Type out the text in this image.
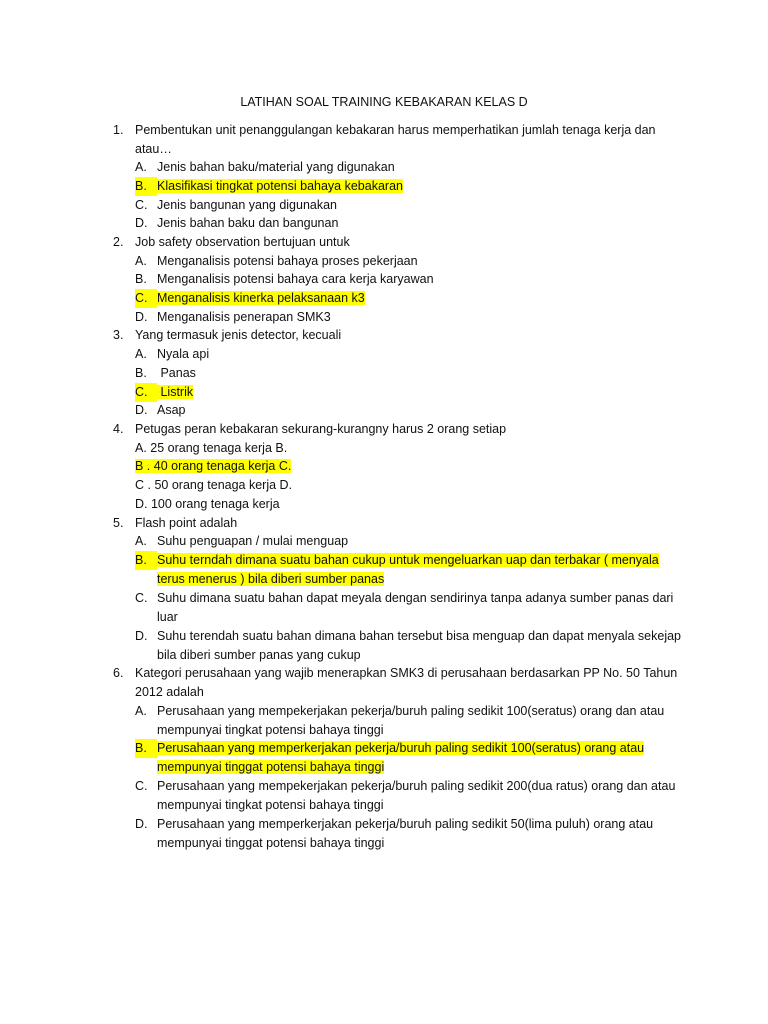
LATIHAN SOAL TRAINING KEBAKARAN KELAS D
1. Pembentukan unit penanggulangan kebakaran harus memperhatikan jumlah tenaga kerja dan atau…
A. Jenis bahan baku/material yang digunakan
B. Klasifikasi tingkat potensi bahaya kebakaran
C. Jenis bangunan yang digunakan
D. Jenis bahan baku dan bangunan
2. Job safety observation bertujuan untuk
A. Menganalisis potensi bahaya proses pekerjaan
B. Menganalisis potensi bahaya cara kerja karyawan
C. Menganalisis kinerka pelaksanaan k3
D. Menganalisis penerapan SMK3
3. Yang termasuk jenis detector, kecuali
A. Nyala api
B. Panas
C. Listrik
D. Asap
4. Petugas peran kebakaran sekurang-kurangny harus 2 orang setiap
A. 25 orang tenaga kerja B.
B . 40 orang tenaga kerja C.
C . 50 orang tenaga kerja D.
D. 100 orang tenaga kerja
5. Flash point adalah
A. Suhu penguapan / mulai menguap
B. Suhu terndah dimana suatu bahan cukup untuk mengeluarkan uap dan terbakar ( menyala terus menerus ) bila diberi sumber panas
C. Suhu dimana suatu bahan dapat meyala dengan sendirinya tanpa adanya sumber panas dari luar
D. Suhu terendah suatu bahan dimana bahan tersebut bisa menguap dan dapat menyala sekejap bila diberi sumber panas yang cukup
6. Kategori perusahaan yang wajib menerapkan SMK3 di perusahaan berdasarkan PP No. 50 Tahun 2012 adalah
A. Perusahaan yang mempekerjakan pekerja/buruh paling sedikit 100(seratus) orang dan atau mempunyai tingkat potensi bahaya tinggi
B. Perusahaan yang memperkerjakan pekerja/buruh paling sedikit 100(seratus) orang atau mempunyai tinggat potensi bahaya tinggi
C. Perusahaan yang mempekerjakan pekerja/buruh paling sedikit 200(dua ratus) orang dan atau mempunyai tingkat potensi bahaya tinggi
D. Perusahaan yang memperkerjakan pekerja/buruh paling sedikit 50(lima puluh) orang atau mempunyai tinggat potensi bahaya tinggi
